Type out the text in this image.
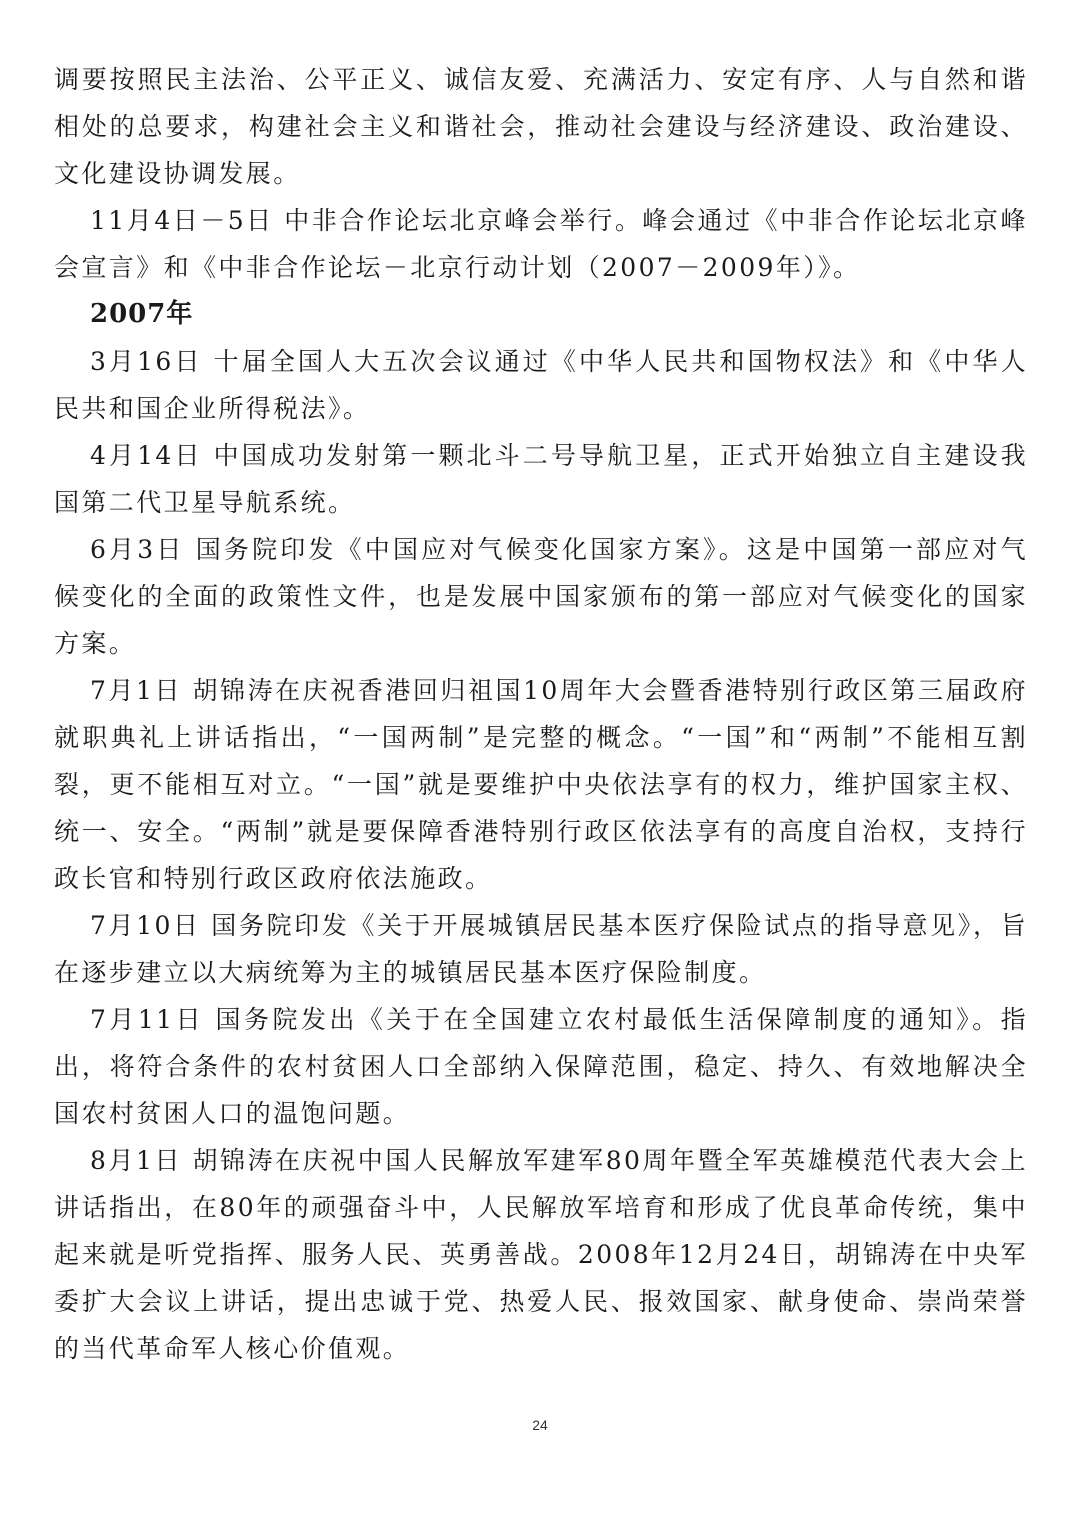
调要按照民主法治、公平正义、诚信友爱、充满活力、安定有序、人与自然和谐相处的总要求，构建社会主义和谐社会，推动社会建设与经济建设、政治建设、文化建设协调发展。

11月4日－5日 中非合作论坛北京峰会举行。峰会通过《中非合作论坛北京峰会宣言》和《中非合作论坛－北京行动计划（2007－2009年）》。

2007年

3月16日 十届全国人大五次会议通过《中华人民共和国物权法》和《中华人民共和国企业所得税法》。

4月14日 中国成功发射第一颗北斗二号导航卫星，正式开始独立自主建设我国第二代卫星导航系统。

6月3日 国务院印发《中国应对气候变化国家方案》。这是中国第一部应对气候变化的全面的政策性文件，也是发展中国家颁布的第一部应对气候变化的国家方案。

7月1日 胡锦涛在庆祝香港回归祖国10周年大会暨香港特别行政区第三届政府就职典礼上讲话指出，“一国两制”是完整的概念。“一国”和“两制”不能相互割裂，更不能相互对立。“一国”就是要维护中央依法享有的权力，维护国家主权、统一、安全。“两制”就是要保障香港特别行政区依法享有的高度自治权，支持行政长官和特别行政区政府依法施政。

7月10日 国务院印发《关于开展城镇居民基本医疗保险试点的指导意见》，旨在逐步建立以大病统筹为主的城镇居民基本医疗保险制度。

7月11日 国务院发出《关于在全国建立农村最低生活保障制度的通知》。指出，将符合条件的农村贫困人口全部纳入保障范围，稳定、持久、有效地解决全国农村贫困人口的温饱问题。

8月1日 胡锦涛在庆祝中国人民解放军建军80周年暨全军英雄模范代表大会上讲话指出，在80年的顽强奋斗中，人民解放军培育和形成了优良革命传统，集中起来就是听党指挥、服务人民、英勇善战。2008年12月24日，胡锦涛在中央军委扩大会议上讲话，提出忠诚于党、热爱人民、报效国家、献身使命、崇尚荣誉的当代革命军人核心价值观。

24
